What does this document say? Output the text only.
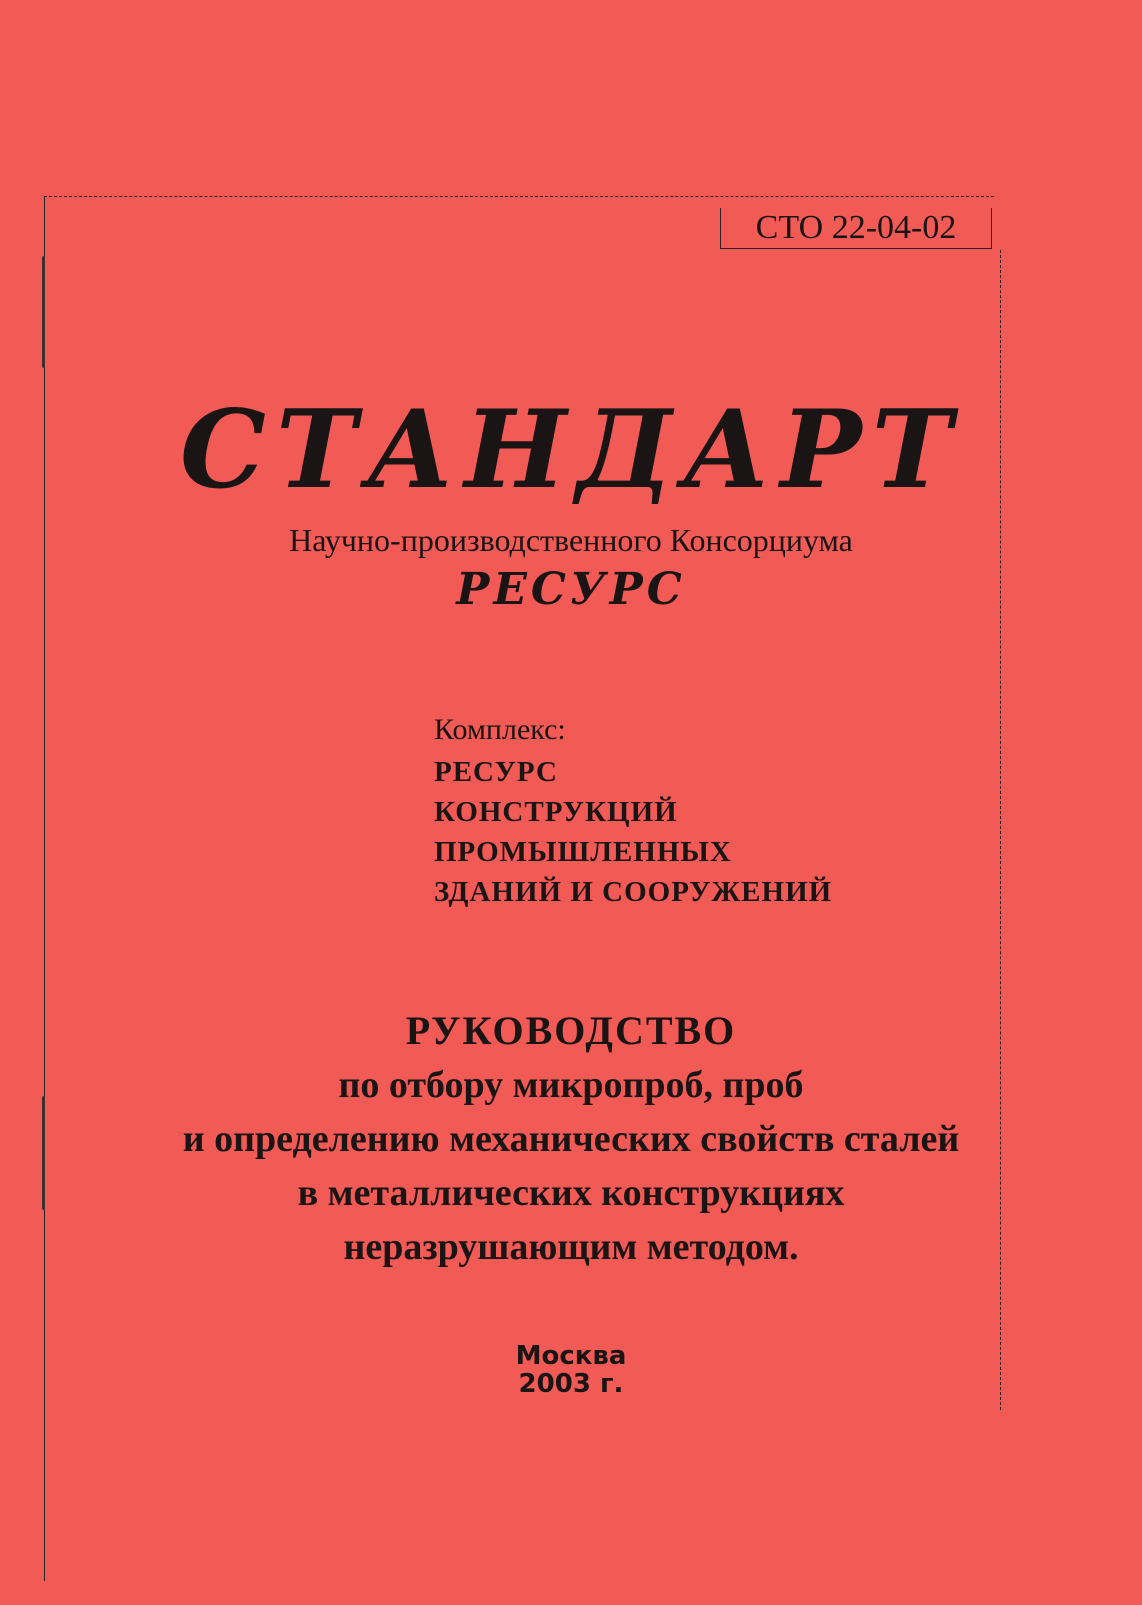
СТО 22-04-02
СТАНДАРТ
Научно-производственного Консорциума
РЕСУРС
Комплекс:
РЕСУРС
КОНСТРУКЦИЙ
ПРОМЫШЛЕННЫХ
ЗДАНИЙ И СООРУЖЕНИЙ
РУКОВОДСТВО
по отбору микропроб, проб
и определению механических свойств сталей
в металлических конструкциях
неразрушающим методом.
Москва
2003 г.
